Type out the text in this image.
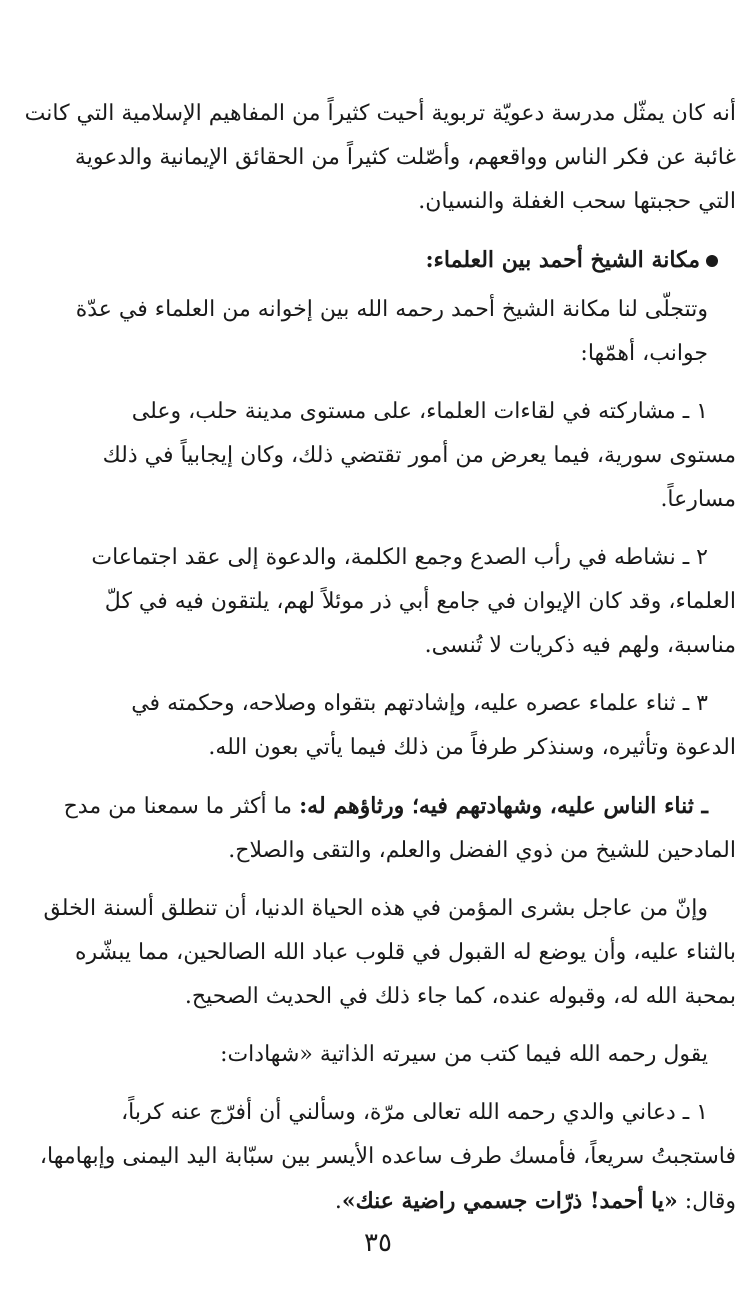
أنه كان يمثّل مدرسة دعويّة تربوية أحيت كثيراً من المفاهيم الإسلامية التي كانت
غائبة عن فكر الناس وواقعهم، وأصّلت كثيراً من الحقائق الإيمانية والدعوية
التي حجبتها سحب الغفلة والنسيان.
مكانة الشيخ أحمد بين العلماء:
وتتجلّى لنا مكانة الشيخ أحمد رحمه الله بين إخوانه من العلماء في عدّة
جوانب، أهمّها:
١ ـ مشاركته في لقاءات العلماء، على مستوى مدينة حلب، وعلى
مستوى سورية، فيما يعرض من أمور تقتضي ذلك، وكان إيجابياً في ذلك
مسارعاً.
٢ ـ نشاطه في رأب الصدع وجمع الكلمة، والدعوة إلى عقد اجتماعات
العلماء، وقد كان الإيوان في جامع أبي ذر موئلاً لهم، يلتقون فيه في كلّ
مناسبة، ولهم فيه ذكريات لا تُنسى.
٣ ـ ثناء علماء عصره عليه، وإشادتهم بتقواه وصلاحه، وحكمته في
الدعوة وتأثيره، وسنذكر طرفاً من ذلك فيما يأتي بعون الله.
ـ ثناء الناس عليه، وشهادتهم فيه؛ ورثاؤهم له: ما أكثر ما سمعنا من مدح
المادحين للشيخ من ذوي الفضل والعلم، والتقى والصلاح.
وإنّ من عاجل بشرى المؤمن في هذه الحياة الدنيا، أن تنطلق ألسنة الخلق
بالثناء عليه، وأن يوضع له القبول في قلوب عباد الله الصالحين، مما يبشّره
بمحبة الله له، وقبوله عنده، كما جاء ذلك في الحديث الصحيح.
يقول رحمه الله فيما كتب من سيرته الذاتية «شهادات:
١ ـ دعاني والدي رحمه الله تعالى مرّة، وسألني أن أفرّج عنه كرباً،
فاستجبتُ سريعاً، فأمسك طرف ساعده الأيسر بين سبّابة اليد اليمنى وإبهامها،
وقال: «يا أحمد! ذرّات جسمي راضية عنك».
٣٥
